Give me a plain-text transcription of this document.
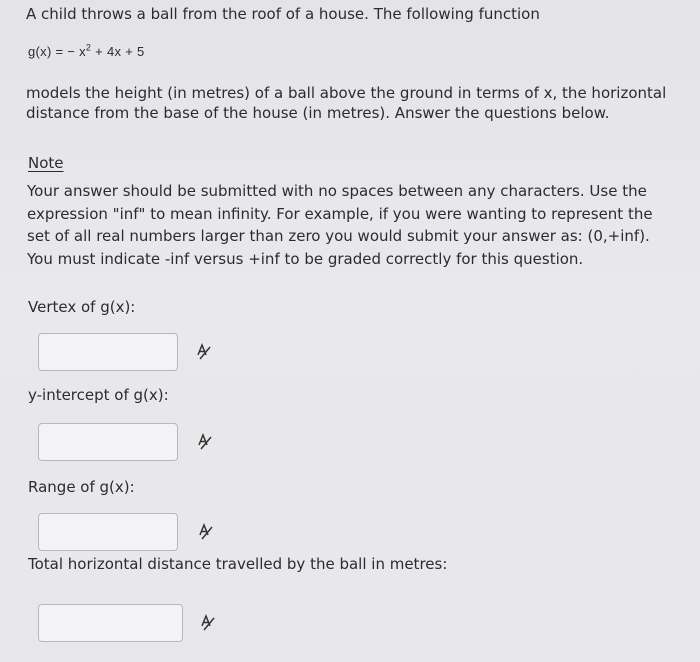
A child throws a ball from the roof of a house. The following function
g(x) = − $x^2 + 4x + 5$
models the height (in metres) of a ball above the ground in terms of x, the horizontal distance from the base of the house (in metres). Answer the questions below.
Note
Your answer should be submitted with no spaces between any characters. Use the expression "inf" to mean infinity. For example, if you were wanting to represent the set of all real numbers larger than zero you would submit your answer as: (0,+inf). You must indicate -inf versus +inf to be graded correctly for this question.
Vertex of g(x):
y-intercept of g(x):
Range of g(x):
Total horizontal distance travelled by the ball in metres:
